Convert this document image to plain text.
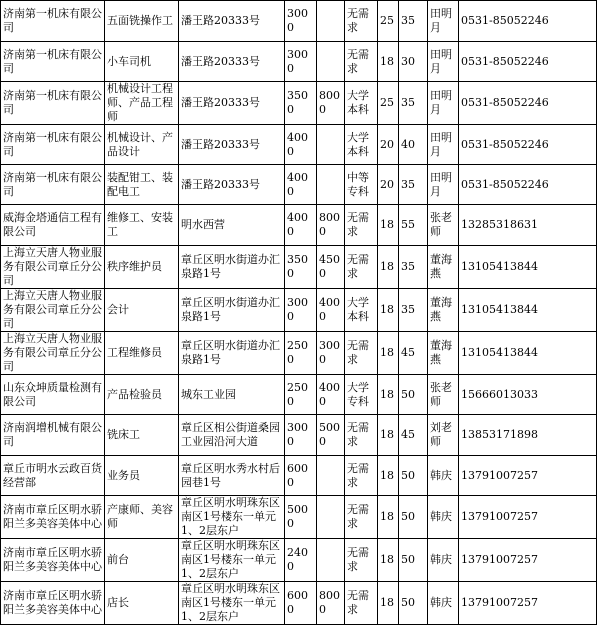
济南第一机床有限公司	五面铣操作工	潘王路20333号	3000		无需求	25	35	田明月	0531-85052246
济南第一机床有限公司	小车司机	潘王路20333号	3000		无需求	18	30	田明月	0531-85052246
济南第一机床有限公司	机械设计工程师、产品工程师	潘王路20333号	3500	8000	大学本科	25	35	田明月	0531-85052246
济南第一机床有限公司	机械设计、产品设计	潘王路20333号	4000		大学本科	20	40	田明月	0531-85052246
济南第一机床有限公司	装配钳工、装配电工	潘王路20333号	4000		中等专科	20	35	田明月	0531-85052246
威海金塔通信工程有限公司	维修工、安装工	明水西营	4000	8000	无需求	18	55	张老师	13285318631
上海立天唐人物业服务有限公司章丘分公司	秩序维护员	章丘区明水街道办汇泉路1号	3500	4500	无需求	18	35	董海燕	13105413844
上海立天唐人物业服务有限公司章丘分公司	会计	章丘区明水街道办汇泉路1号	3000	4000	大学本科	18	35	董海燕	13105413844
上海立天唐人物业服务有限公司章丘分公司	工程维修员	章丘区明水街道办汇泉路1号	2500	3000	无需求	18	45	董海燕	13105413844
山东众坤质量检测有限公司	产品检验员	城东工业园	2500	4000	大学专科	18	50	张老师	15666013033
济南润增机械有限公司	铣床工	章丘区相公街道桑园工业园沿河大道	3000	5000	无需求	18	45	刘老师	13853171898
章丘市明水云政百货经营部	业务员	章丘区明水秀水村后园巷1号	6000		无需求	18	50	韩庆	13791007257
济南市章丘区明水骄阳兰多美容美体中心	产康师、美容师	章丘区明水明珠东区南区1号楼东一单元1、2层东户	5000		无需求	18	50	韩庆	13791007257
济南市章丘区明水骄阳兰多美容美体中心	前台	章丘区明水明珠东区南区1号楼东一单元1、2层东户	2400		无需求	18	50	韩庆	13791007257
济南市章丘区明水骄阳兰多美容美体中心	店长	章丘区明水明珠东区南区1号楼东一单元1、2层东户	6000	8000	无需求	18	50	韩庆	13791007257
